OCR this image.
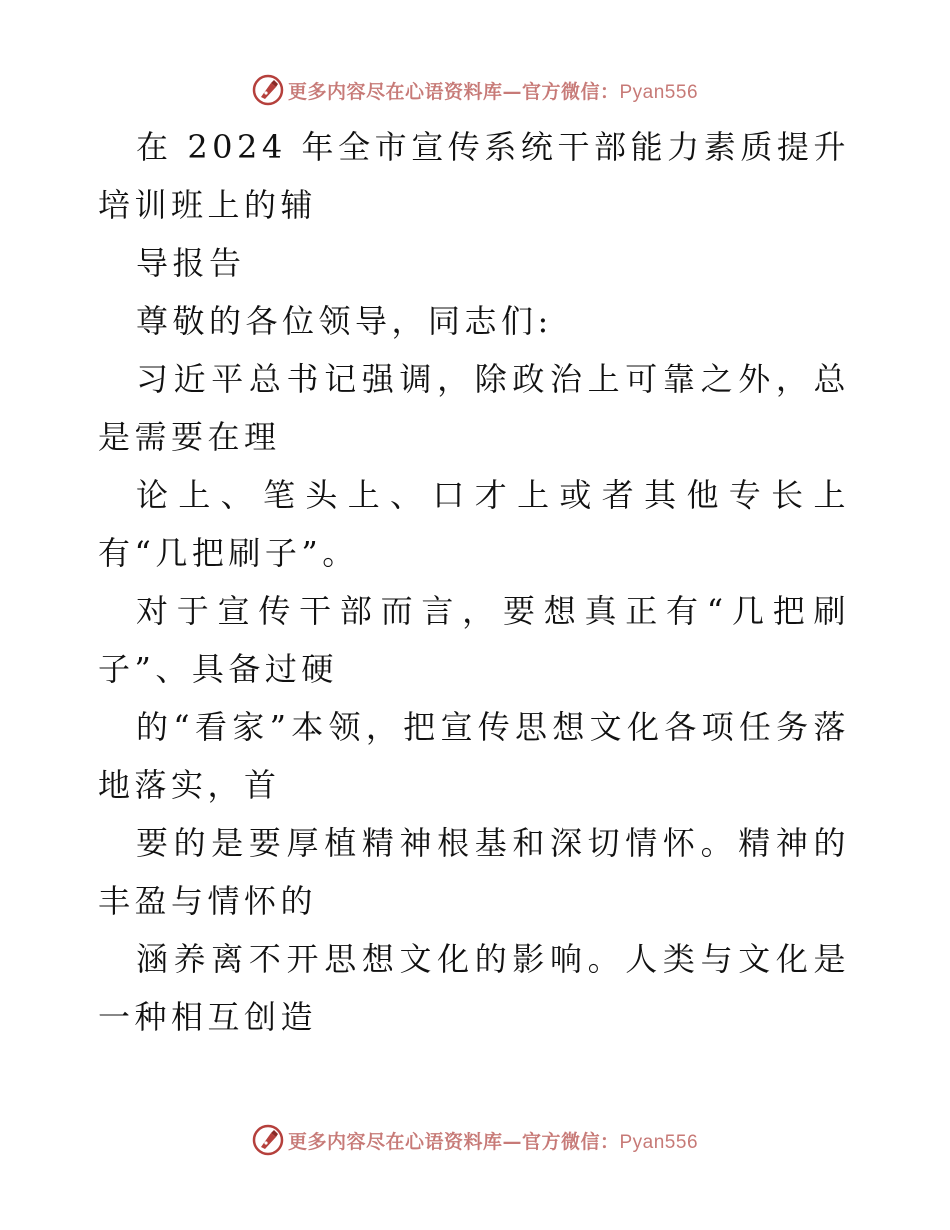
更多内容尽在心语资料库—官方微信：Pyan556

在 2024 年全市宣传系统干部能力素质提升培训班上的辅

导报告

尊敬的各位领导，同志们:

习近平总书记强调，除政治上可靠之外，总是需要在理

论上、笔头上、口才上或者其他专长上有“几把刷子”。

对于宣传干部而言，要想真正有“几把刷子”、具备过硬

的“看家”本领，把宣传思想文化各项任务落地落实，首

要的是要厚植精神根基和深切情怀。精神的丰盈与情怀的

涵养离不开思想文化的影响。人类与文化是一种相互创造

更多内容尽在心语资料库—官方微信：Pyan556
